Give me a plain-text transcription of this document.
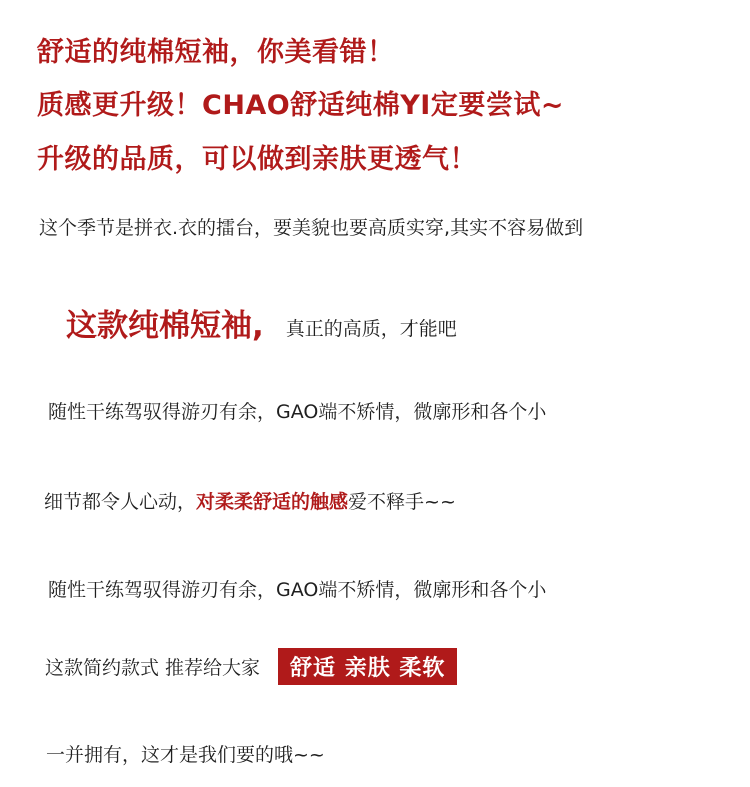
舒适的纯棉短袖，你美看错！
质感更升级！CHAO舒适纯棉YI定要尝试~
升级的品质，可以做到亲肤更透气！
这个季节是拼衣.衣的擂台，要美貌也要高质实穿,其实不容易做到
这款纯棉短袖, 真正的高质，才能吧
随性干练驾驭得游刃有余，GAO端不矫情，微廓形和各个小
细节都令人心动，对柔柔舒适的触感爱不释手~~
随性干练驾驭得游刃有余，GAO端不矫情，微廓形和各个小
这款简约款式 推荐给大家	舒适 亲肤 柔软
一并拥有，这才是我们要的哦~~
